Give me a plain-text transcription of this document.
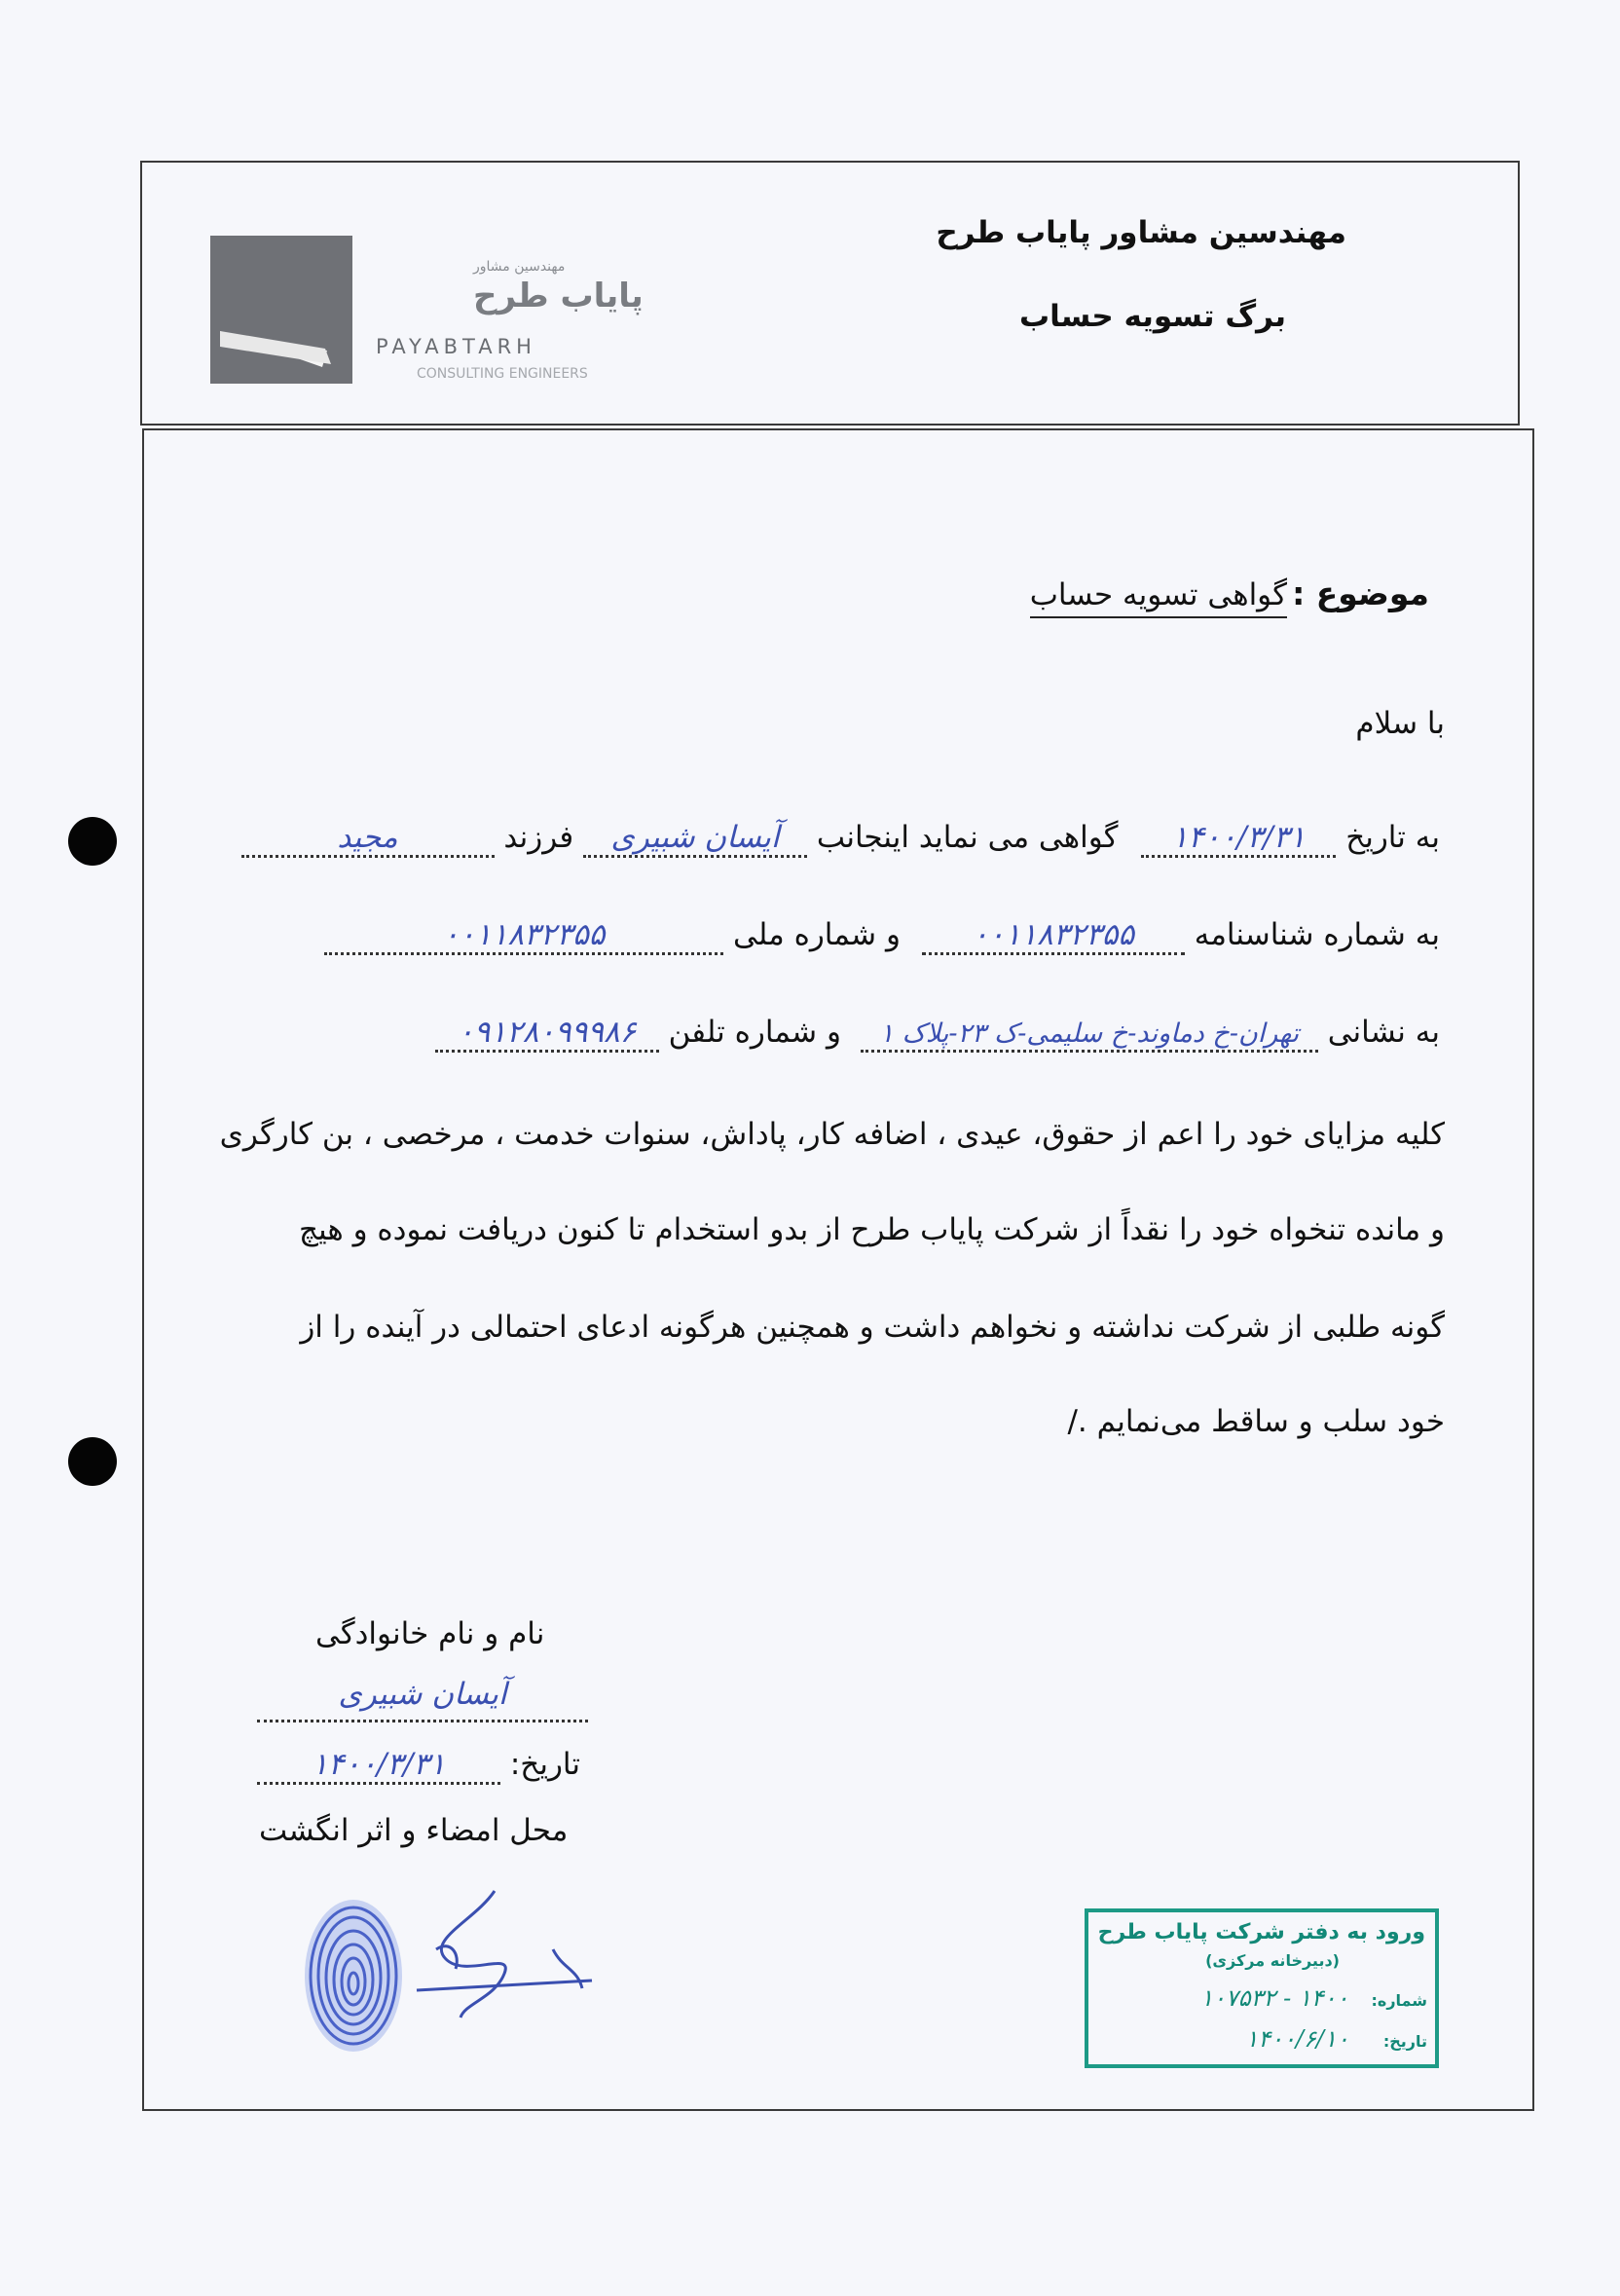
مهندسین مشاور
پایاب طرح
PAYABTARH
CONSULTING ENGINEERS
مهندسین مشاور پایاب طرح
برگ تسویه حساب
موضوع : گواهی تسویه حساب
با سلام
به تاریخ ۱۴۰۰/۳/۳۱ گواهی می نماید اینجانب آیسان شبیری فرزند مجید
به شماره شناسنامه ۰۰۱۱۸۳۲۳۵۵ و شماره ملی ۰۰۱۱۸۳۲۳۵۵
به نشانی تهران-خ دماوند-خ سلیمی-ک ۲۳-پلاک ۱ و شماره تلفن ۰۹۱۲۸۰۹۹۹۸۶
کلیه مزایای خود را اعم از حقوق، عیدی ، اضافه کار، پاداش، سنوات خدمت ، مرخصی ، بن کارگری
و مانده تنخواه خود را نقداً از شرکت پایاب طرح از بدو استخدام تا کنون دریافت نموده و هیچ
گونه طلبی از شرکت نداشته و نخواهم داشت و همچنین هرگونه ادعای احتمالی در آینده را از
خود سلب و ساقط می‌نمایم ./
نام و نام خانوادگی
آیسان شبیری
تاریخ: ۱۴۰۰/۳/۳۱
محل امضاء و اثر انگشت
ورود به دفتر شرکت پایاب طرح
(دبیرخانه مرکزی)
شماره: ۱۴۰۰ - ۱۰۷۵۳۲
تاریخ: ۱۴۰۰/۶/۱۰
